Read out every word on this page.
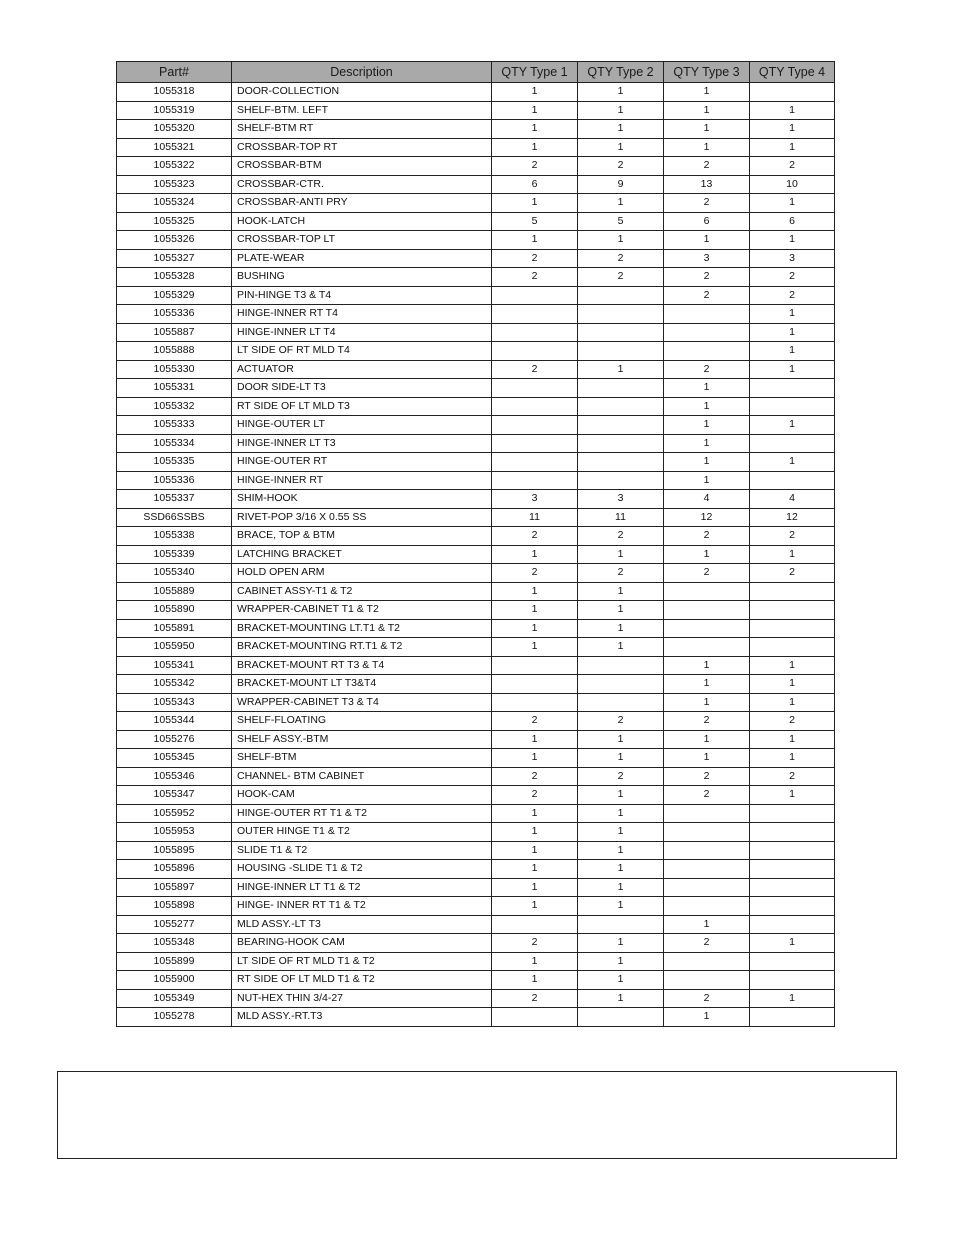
Part#	Description	QTY Type 1	QTY Type 2	QTY Type 3	QTY Type 4
1055318	DOOR-COLLECTION	1	1	1	
1055319	SHELF-BTM. LEFT	1	1	1	1
1055320	SHELF-BTM RT	1	1	1	1
1055321	CROSSBAR-TOP RT	1	1	1	1
1055322	CROSSBAR-BTM	2	2	2	2
1055323	CROSSBAR-CTR.	6	9	13	10
1055324	CROSSBAR-ANTI PRY	1	1	2	1
1055325	HOOK-LATCH	5	5	6	6
1055326	CROSSBAR-TOP LT	1	1	1	1
1055327	PLATE-WEAR	2	2	3	3
1055328	BUSHING	2	2	2	2
1055329	PIN-HINGE T3 & T4			2	2
1055336	HINGE-INNER RT T4				1
1055887	HINGE-INNER LT T4				1
1055888	LT SIDE OF RT MLD T4				1
1055330	ACTUATOR	2	1	2	1
1055331	DOOR SIDE-LT T3			1	
1055332	RT SIDE OF LT MLD T3			1	
1055333	HINGE-OUTER LT			1	1
1055334	HINGE-INNER LT T3			1	
1055335	HINGE-OUTER RT			1	1
1055336	HINGE-INNER RT			1	
1055337	SHIM-HOOK	3	3	4	4
SSD66SSBS	RIVET-POP 3/16 X 0.55 SS	11	11	12	12
1055338	BRACE, TOP & BTM	2	2	2	2
1055339	LATCHING BRACKET	1	1	1	1
1055340	HOLD OPEN ARM	2	2	2	2
1055889	CABINET ASSY-T1 & T2	1	1		
1055890	WRAPPER-CABINET T1 & T2	1	1		
1055891	BRACKET-MOUNTING LT.T1 & T2	1	1		
1055950	BRACKET-MOUNTING RT.T1 & T2	1	1		
1055341	BRACKET-MOUNT RT T3 & T4			1	1
1055342	BRACKET-MOUNT LT T3&T4			1	1
1055343	WRAPPER-CABINET T3 & T4			1	1
1055344	SHELF-FLOATING	2	2	2	2
1055276	SHELF ASSY.-BTM	1	1	1	1
1055345	SHELF-BTM	1	1	1	1
1055346	CHANNEL- BTM CABINET	2	2	2	2
1055347	HOOK-CAM	2	1	2	1
1055952	HINGE-OUTER RT T1 & T2	1	1		
1055953	OUTER HINGE T1 & T2	1	1		
1055895	SLIDE T1 & T2	1	1		
1055896	HOUSING -SLIDE T1 & T2	1	1		
1055897	HINGE-INNER LT T1 & T2	1	1		
1055898	HINGE- INNER RT T1 & T2	1	1		
1055277	MLD ASSY.-LT T3			1	
1055348	BEARING-HOOK CAM	2	1	2	1
1055899	LT SIDE OF RT MLD T1 & T2	1	1		
1055900	RT SIDE OF LT MLD T1 & T2	1	1		
1055349	NUT-HEX THIN 3/4-27	2	1	2	1
1055278	MLD ASSY.-RT.T3			1	
